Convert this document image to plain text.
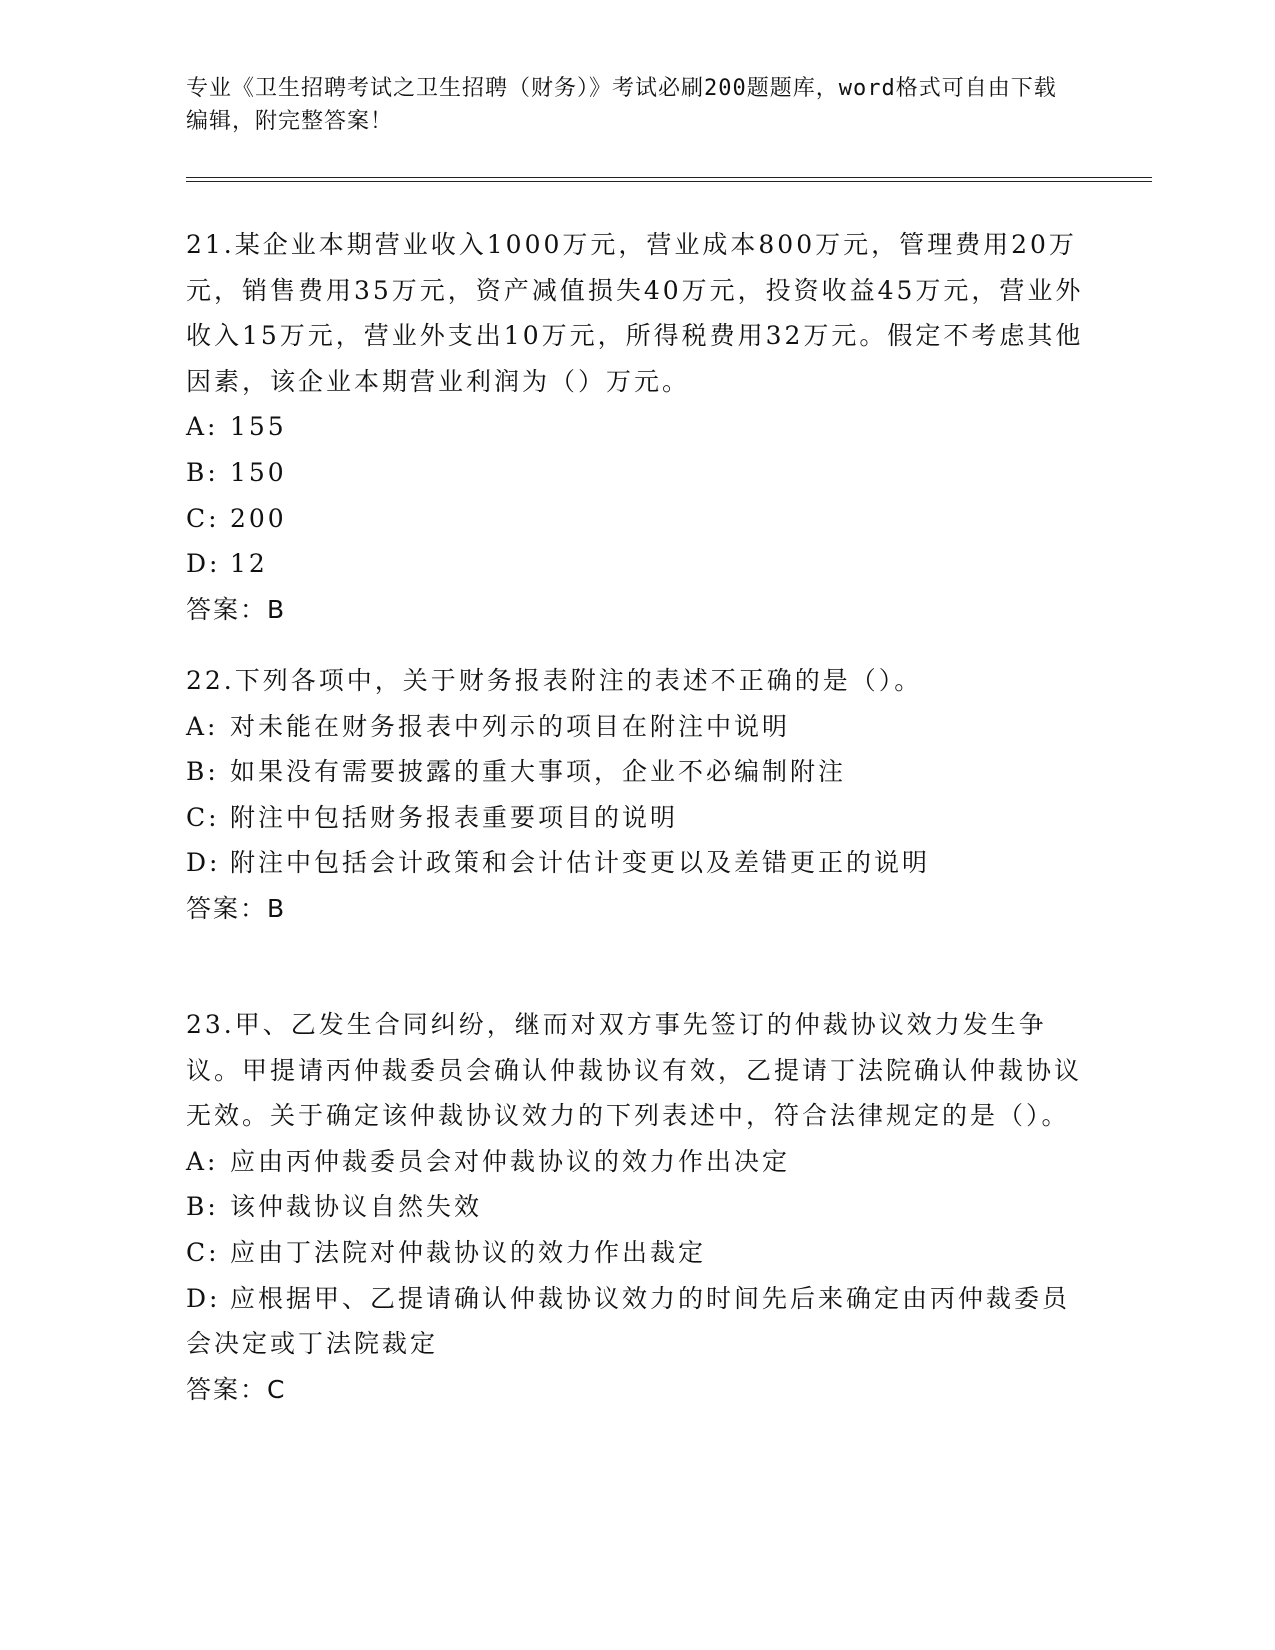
专业《卫生招聘考试之卫生招聘（财务）》考试必刷200题题库，word格式可自由下载编辑，附完整答案！

21.某企业本期营业收入1000万元，营业成本800万元，管理费用20万元，销售费用35万元，资产减值损失40万元，投资收益45万元，营业外收入15万元，营业外支出10万元，所得税费用32万元。假定不考虑其他因素，该企业本期营业利润为（）万元。

A: 155

B: 150

C: 200

D: 12

答案：B

22.下列各项中，关于财务报表附注的表述不正确的是（）。

A: 对未能在财务报表中列示的项目在附注中说明

B: 如果没有需要披露的重大事项，企业不必编制附注

C: 附注中包括财务报表重要项目的说明

D: 附注中包括会计政策和会计估计变更以及差错更正的说明

答案：B

23.甲、乙发生合同纠纷，继而对双方事先签订的仲裁协议效力发生争议。甲提请丙仲裁委员会确认仲裁协议有效，乙提请丁法院确认仲裁协议无效。关于确定该仲裁协议效力的下列表述中，符合法律规定的是（）。

A: 应由丙仲裁委员会对仲裁协议的效力作出决定

B: 该仲裁协议自然失效

C: 应由丁法院对仲裁协议的效力作出裁定

D: 应根据甲、乙提请确认仲裁协议效力的时间先后来确定由丙仲裁委员会决定或丁法院裁定

答案：C
